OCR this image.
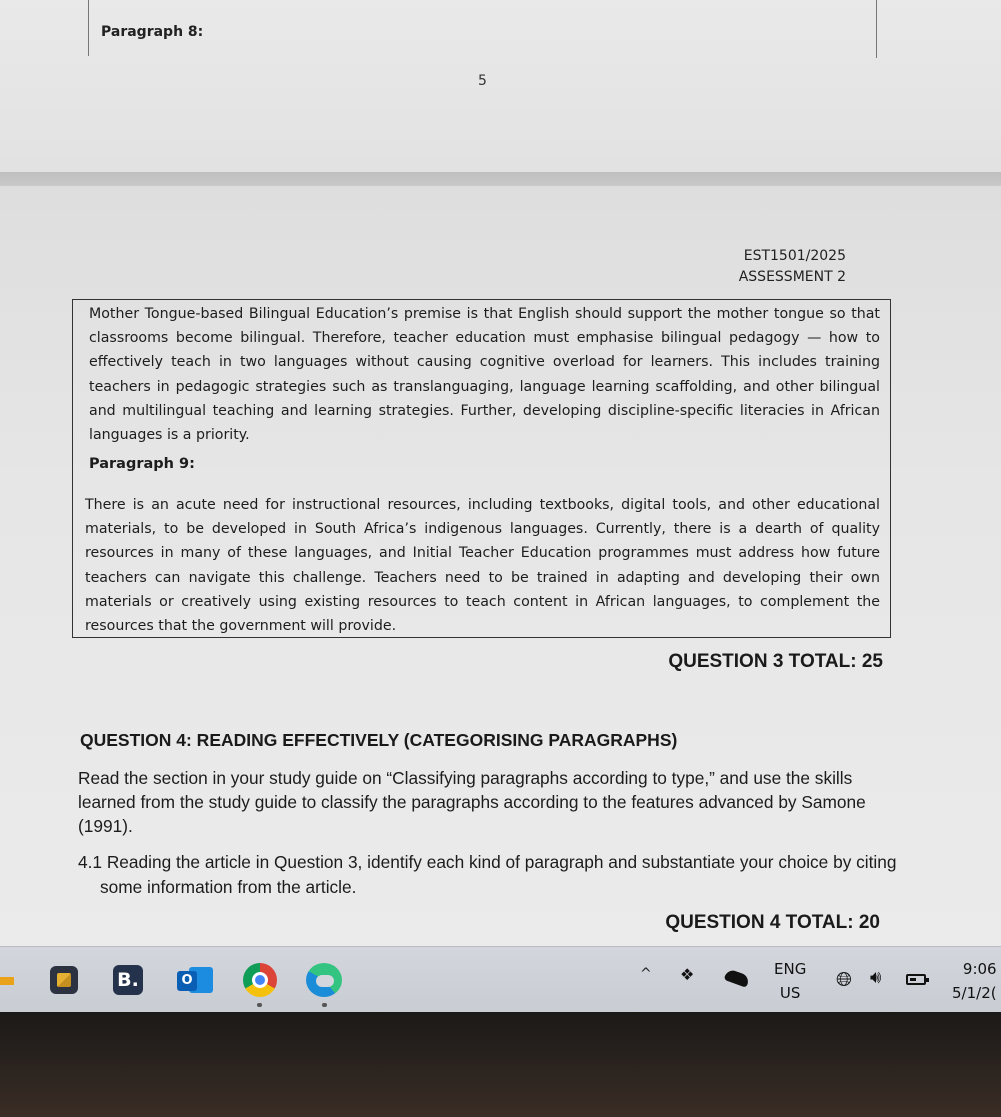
Paragraph 8:
5
EST1501/2025
ASSESSMENT 2

Mother Tongue-based Bilingual Education’s premise is that English should support the mother tongue so that classrooms become bilingual. Therefore, teacher education must emphasise bilingual pedagogy — how to effectively teach in two languages without causing cognitive overload for learners. This includes training teachers in pedagogic strategies such as translanguaging, language learning scaffolding, and other bilingual and multilingual teaching and learning strategies. Further, developing discipline-specific literacies in African languages is a priority.

Paragraph 9:

There is an acute need for instructional resources, including textbooks, digital tools, and other educational materials, to be developed in South Africa’s indigenous languages. Currently, there is a dearth of quality resources in many of these languages, and Initial Teacher Education programmes must address how future teachers can navigate this challenge. Teachers need to be trained in adapting and developing their own materials or creatively using existing resources to teach content in African languages, to complement the resources that the government will provide.

QUESTION 3 TOTAL: 25
QUESTION 4: READING EFFECTIVELY (CATEGORISING PARAGRAPHS)

Read the section in your study guide on “Classifying paragraphs according to type,” and use the skills learned from the study guide to classify the paragraphs according to the features advanced by Samone (1991).

4.1 Reading the article in Question 3, identify each kind of paragraph and substantiate your choice by citing some information from the article.

QUESTION 4 TOTAL: 20
B.	O	^ ❖	ENG
US
🌐︎ 🔊︎	9:06
5/1/2(
